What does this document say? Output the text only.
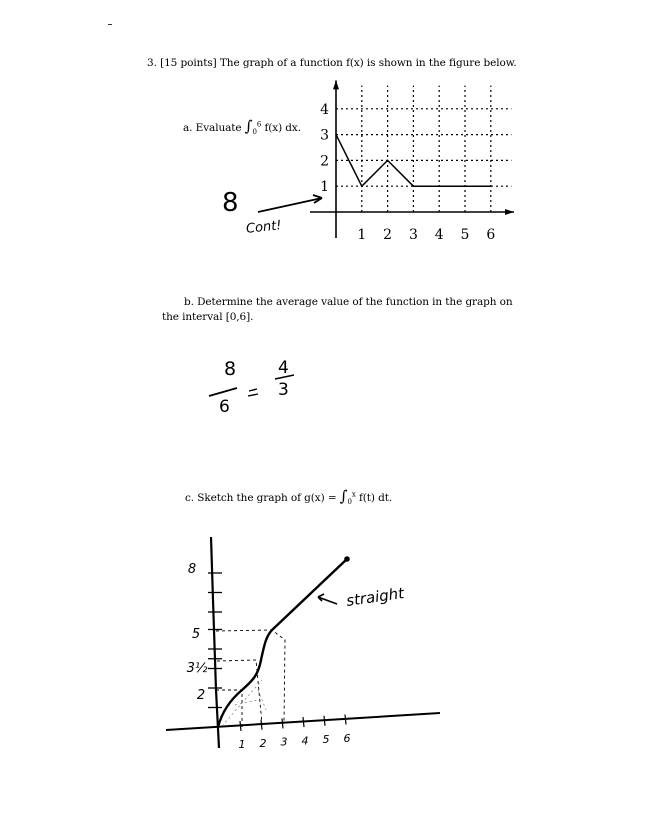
3. [15 points] The graph of a function f(x) is shown in the figure below.
a. Evaluate $\int_0^6$ f(x) dx.
8
Cont!	1 2 3 4 5 6
1
2
3
4
b. Determine the average value of the function in the graph on
the interval [0,6].
8
6
4
3
c. Sketch the graph of $g(x) = \int_0^x$ f(t) dt.
1 2 3 4 5 6
2
3½
5
8
straight
